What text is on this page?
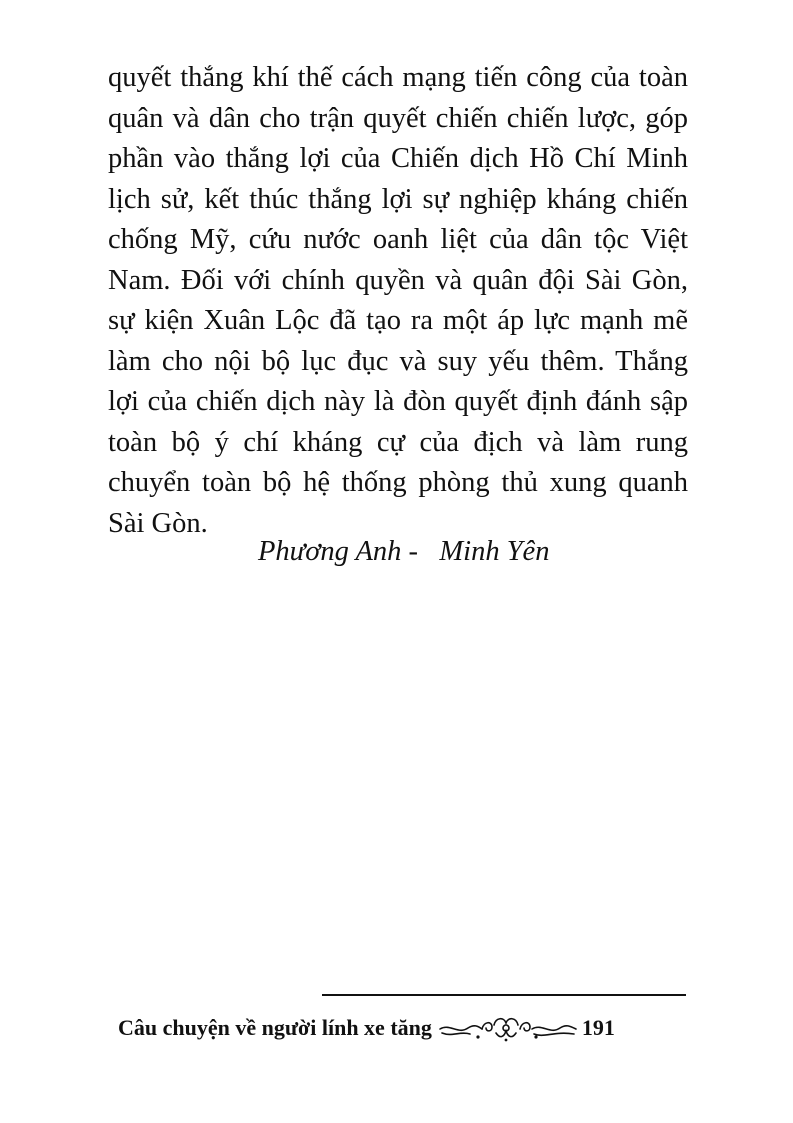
quyết thắng khí thế cách mạng tiến công của toàn
quân và dân cho trận quyết chiến chiến lược, góp
phần vào thắng lợi của Chiến dịch Hồ Chí Minh
lịch sử, kết thúc thắng lợi sự nghiệp kháng chiến
chống Mỹ, cứu nước oanh liệt của dân tộc Việt
Nam. Đối với chính quyền và quân đội Sài Gòn,
sự kiện Xuân Lộc đã tạo ra một áp lực mạnh mẽ
làm cho nội bộ lục đục và suy yếu thêm. Thắng
lợi của chiến dịch này là đòn quyết định đánh sập
toàn bộ ý chí kháng cự của địch và làm rung
chuyển toàn bộ hệ thống phòng thủ xung quanh
Sài Gòn.
Phương Anh -   Minh Yên
Câu chuyện về người lính xe tăng	191
